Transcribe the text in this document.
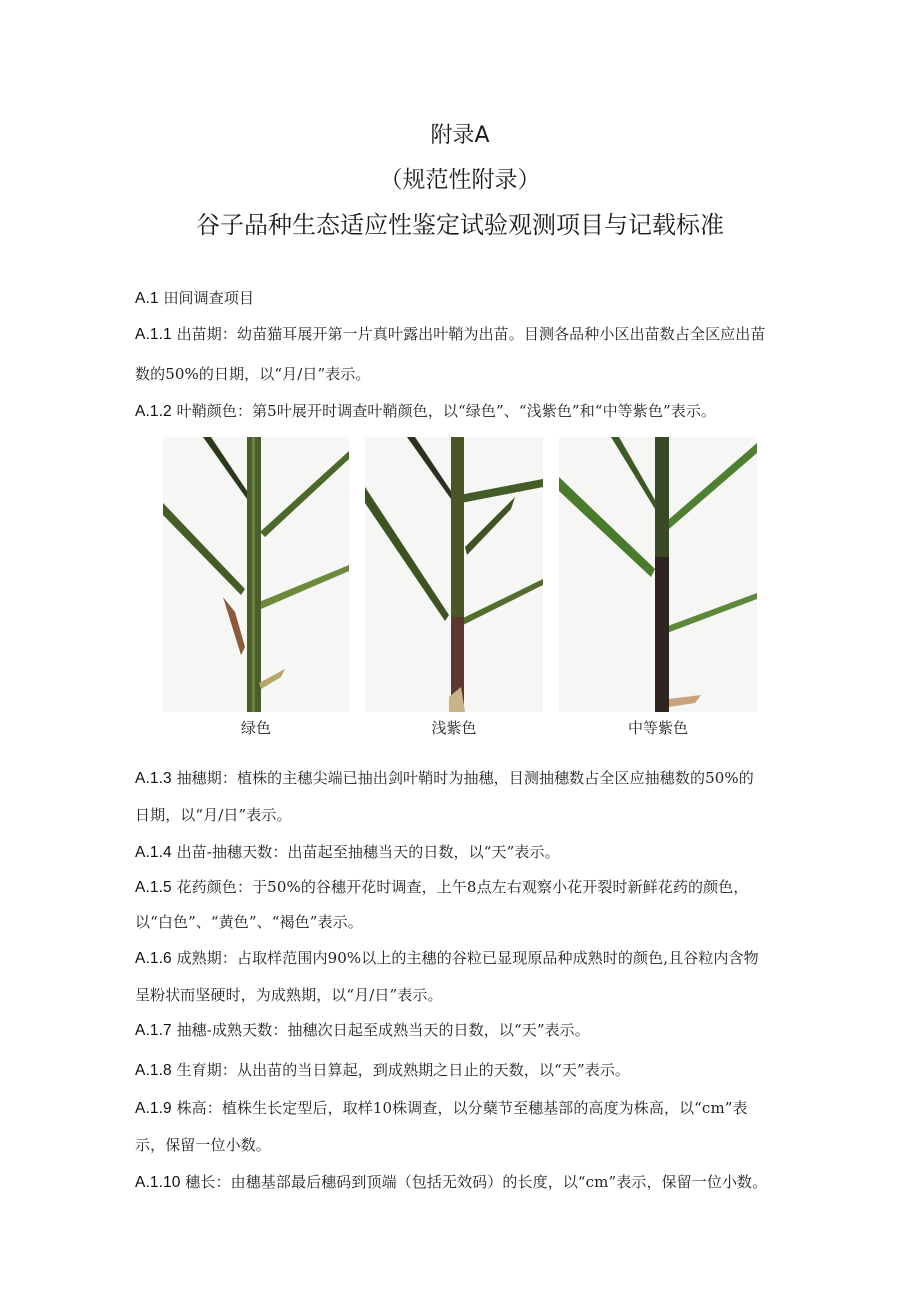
附录A
（规范性附录）
谷子品种生态适应性鉴定试验观测项目与记载标准
A.1 田间调查项目
A.1.1 出苗期：幼苗猫耳展开第一片真叶露出叶鞘为出苗。目测各品种小区出苗数占全区应出苗
数的50%的日期，以“月/日”表示。
A.1.2 叶鞘颜色：第5叶展开时调查叶鞘颜色，以“绿色”、“浅紫色”和“中等紫色”表示。
绿色	浅紫色	中等紫色
A.1.3 抽穗期：植株的主穗尖端已抽出剑叶鞘时为抽穗，目测抽穗数占全区应抽穗数的50%的
日期，以“月/日”表示。
A.1.4 出苗-抽穗天数：出苗起至抽穗当天的日数，以“天”表示。
A.1.5 花药颜色：于50%的谷穗开花时调查，上午8点左右观察小花开裂时新鲜花药的颜色，
以“白色”、“黄色”、“褐色”表示。
A.1.6 成熟期：占取样范围内90%以上的主穗的谷粒已显现原品种成熟时的颜色,且谷粒内含物
呈粉状而坚硬时，为成熟期，以“月/日”表示。
A.1.7 抽穗-成熟天数：抽穗次日起至成熟当天的日数，以“天”表示。
A.1.8 生育期：从出苗的当日算起，到成熟期之日止的天数，以“天”表示。
A.1.9 株高：植株生长定型后，取样10株调查，以分蘖节至穗基部的高度为株高，以“cm”表
示，保留一位小数。
A.1.10 穗长：由穗基部最后穗码到顶端（包括无效码）的长度，以“cm”表示，保留一位小数。
